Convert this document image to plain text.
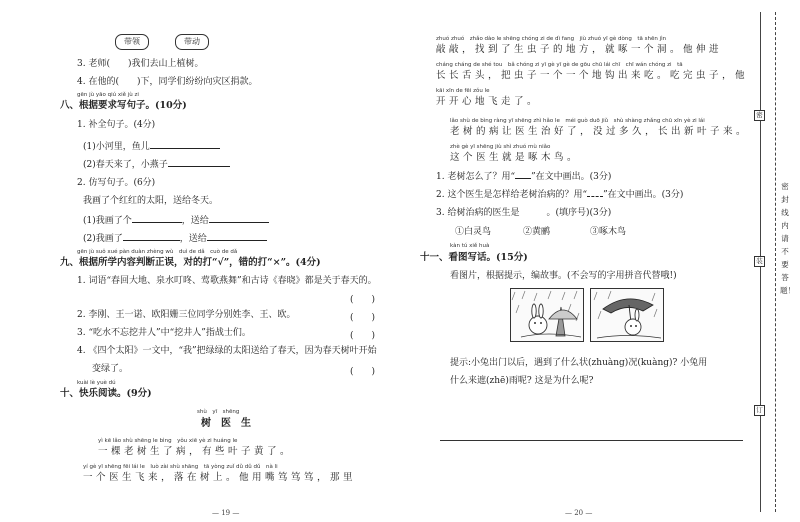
带领	带动
3. 老师(　　)我们去山上植树。
4. 在他的(　　)下，同学们纷纷向灾区捐款。
gēn jù yāo qiú xiě jù zi
八、根据要求写句子。(10分)
1. 补全句子。(4分)
(1)小河里，鱼儿
(2)春天来了，小燕子
2. 仿写句子。(6分)
我画了个红红的太阳，送给冬天。
(1)我画了个	，送给
(2)我画了	，送给
gēn jù suǒ xué pàn duàn zhèng wù　duì de dǎ　cuò de dǎ
九、根据所学内容判断正误，对的打“√”，错的打“×”。(4分)
1. 词语“春回大地、泉水叮咚、莺歌燕舞”和古诗《春晓》都是关于春天的。
(　　)
2. 李刚、王一诺、欧阳姗三位同学分别姓李、王、欧。	(　　)
3. “吃水不忘挖井人”中“挖井人”指战士们。	(　　)
4. 《四个太阳》一文中，“我”把绿绿的太阳送给了春天，因为春天树叶开始
变绿了。	(　　)
kuài lè yuè dú
十、快乐阅读。(9分)
shù　yī　shēng
树　医　生
yì kē lǎo shù shēng le bìng　yǒu xiē yè zi huáng le
一棵老树生了病，有些叶子黄了。
yí gè yī shēng fēi lái le　luò zài shù shāng　tā yòng zuǐ dǔ dǔ dǔ　nà li
一个医生飞来，落在树上。他用嘴笃笃笃，那里
— 19 —
zhuó zhuó　zhǎo dào le shēng chóng zi de dì fang　jiù zhuó yī gè dòng　tā shēn jìn
敲敲，找到了生虫子的地方，就啄一个洞。他伸进
cháng cháng de shé tou　bǎ chóng zi yī gè yī gè de gōu chū lái chī　chī wán chóng zi　tā
长长舌头，把虫子一个一个地钩出来吃。吃完虫子，他
kāi xīn de fēi zǒu le
开开心地飞走了。
lǎo shù de bìng ràng yī shēng zhì hǎo le　méi guò duō jiǔ　shù shàng zhǎng chū xīn yè zi lái
老树的病让医生治好了，没过多久，长出新叶子来。
zhè gè yī shēng jiù shì zhuó mù niǎo
这个医生就是啄木鸟。
1. 老树怎么了？用“ ”在文中画出。(3分)
2. 这个医生是怎样给老树治病的？用“ ”在文中画出。(3分)
3. 给树治病的医生是　　　。(填序号)(3分)
①白灵鸟	②黄鹂	③啄木鸟
kàn tú xiě huà
十一、看图写话。(15分)
看图片，根据提示，编故事。(不会写的字用拼音代替哦!)
提示:小兔出门以后，遇到了什么状(zhuàng)况(kuàng)? 小兔用
什么来遮(zhē)雨呢? 这是为什么呢?
— 20 —
密
密封线内请不要答题！
装
订
